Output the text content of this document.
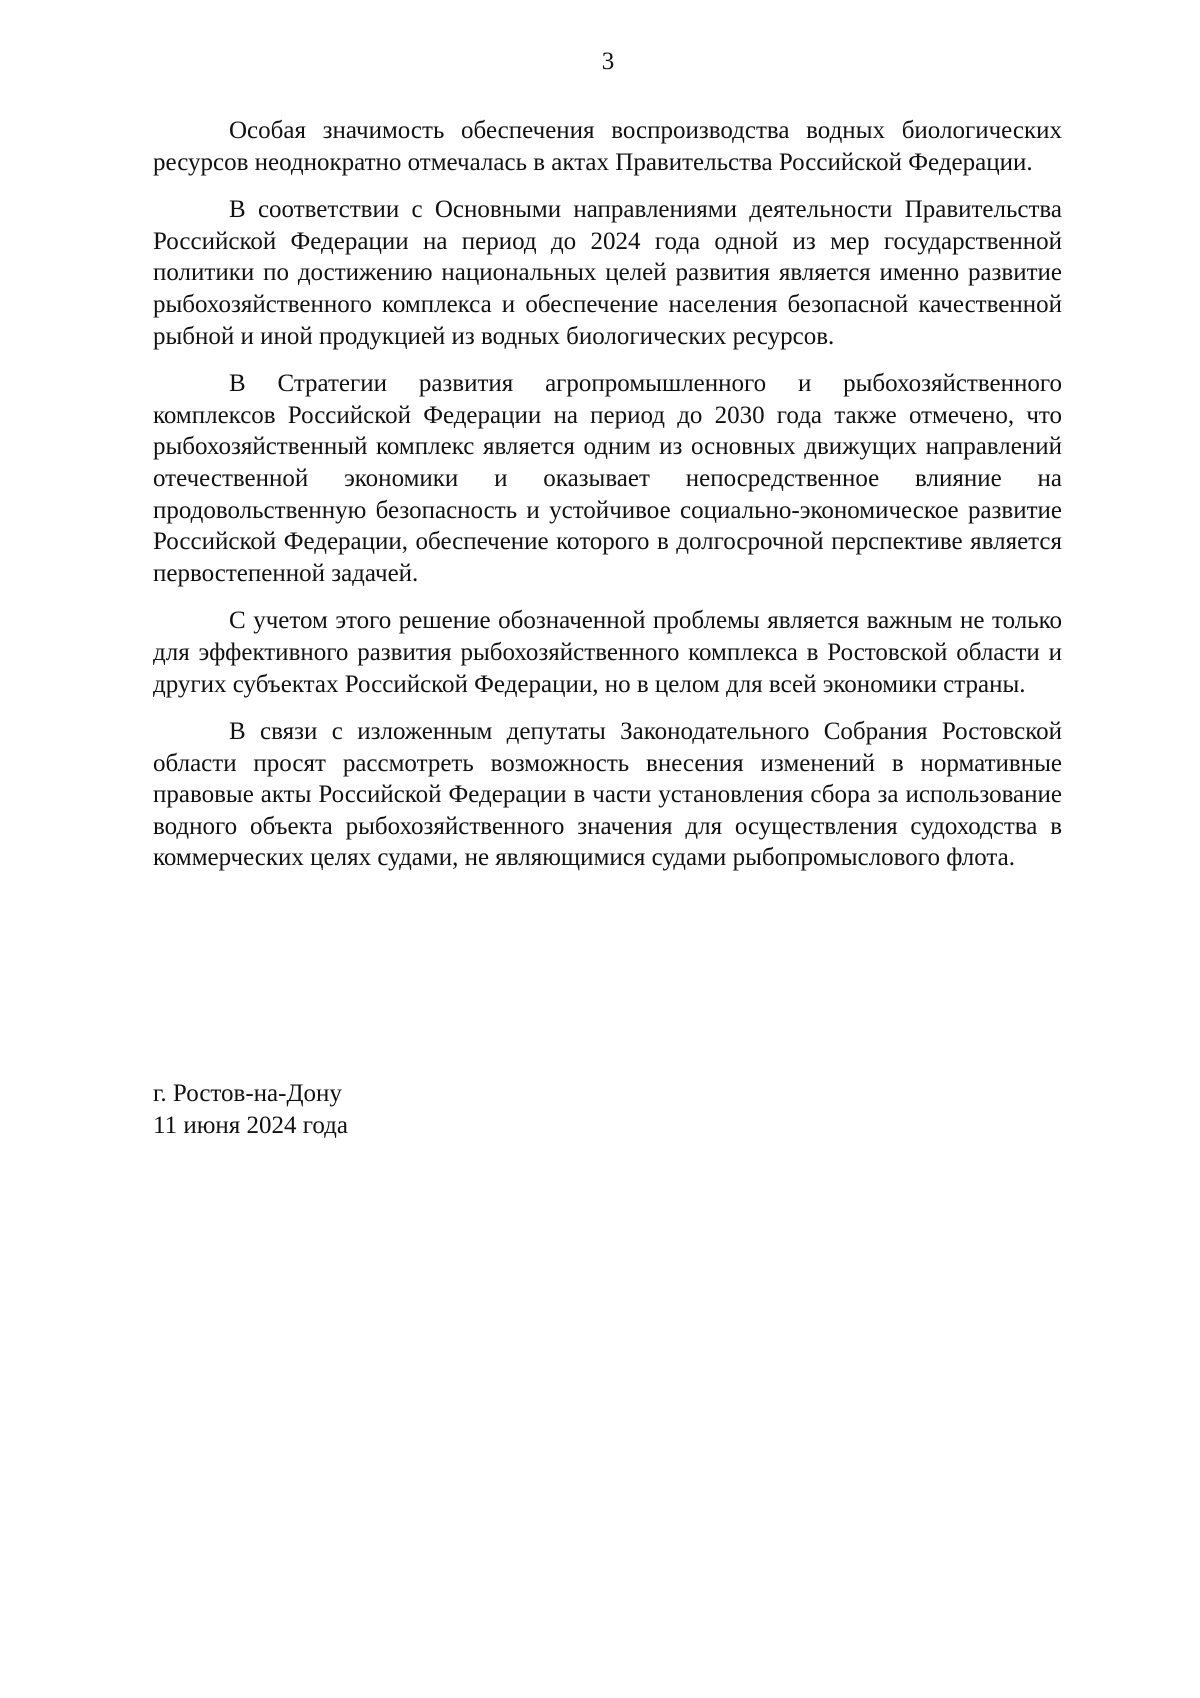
3

Особая значимость обеспечения воспроизводства водных биологических ресурсов неоднократно отмечалась в актах Правительства Российской Федерации.

В соответствии с Основными направлениями деятельности Правительства Российской Федерации на период до 2024 года одной из мер государственной политики по достижению национальных целей развития является именно развитие рыбохозяйственного комплекса и обеспечение населения безопасной качественной рыбной и иной продукцией из водных биологических ресурсов.

В Стратегии развития агропромышленного и рыбохозяйственного комплексов Российской Федерации на период до 2030 года также отмечено, что рыбохозяйственный комплекс является одним из основных движущих направлений отечественной экономики и оказывает непосредственное влияние на продовольственную безопасность и устойчивое социально-экономическое развитие Российской Федерации, обеспечение которого в долгосрочной перспективе является первостепенной задачей.

С учетом этого решение обозначенной проблемы является важным не только для эффективного развития рыбохозяйственного комплекса в Ростовской области и других субъектах Российской Федерации, но в целом для всей экономики страны.

В связи с изложенным депутаты Законодательного Собрания Ростовской области просят рассмотреть возможность внесения изменений в нормативные правовые акты Российской Федерации в части установления сбора за использование водного объекта рыбохозяйственного значения для осуществления судоходства в коммерческих целях судами, не являющимися судами рыбопромыслового флота.

г. Ростов-на-Дону
11 июня 2024 года
